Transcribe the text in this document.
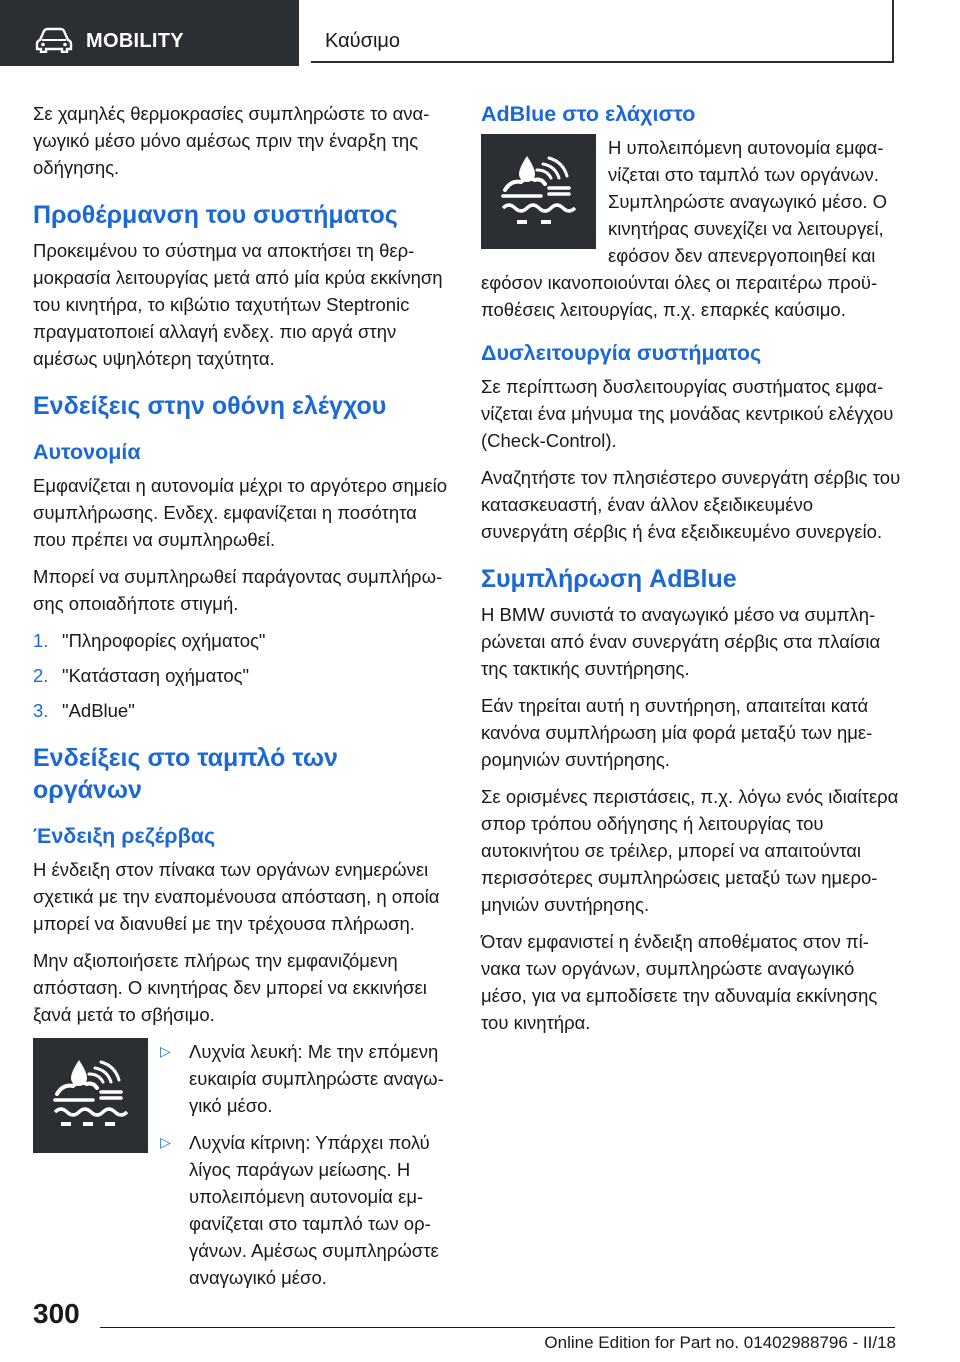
MOBILITY	Καύσιμο

Σε χαμηλές θερμοκρασίες συμπληρώστε το αναγωγικό μέσο μόνο αμέσως πριν την έναρξη της οδήγησης.

Προθέρμανση του συστήματος

Προκειμένου το σύστημα να αποκτήσει τη θερμοκρασία λειτουργίας μετά από μία κρύα εκκίνηση του κινητήρα, το κιβώτιο ταχυτήτων Steptronic πραγματοποιεί αλλαγή ενδεχ. πιο αργά στην αμέσως υψηλότερη ταχύτητα.

Ενδείξεις στην οθόνη ελέγχου
Αυτονομία

Εμφανίζεται η αυτονομία μέχρι το αργότερο σημείο συμπλήρωσης. Ενδεχ. εμφανίζεται η ποσότητα που πρέπει να συμπληρωθεί.

Μπορεί να συμπληρωθεί παράγοντας συμπλήρωσης οποιαδήποτε στιγμή.

1. "Πληροφορίες οχήματος"
2. "Κατάσταση οχήματος"
3. "AdBlue"
Ενδείξεις στο ταμπλό των οργάνων
Ένδειξη ρεζέρβας

Η ένδειξη στον πίνακα των οργάνων ενημερώνει σχετικά με την εναπομένουσα απόσταση, η οποία μπορεί να διανυθεί με την τρέχουσα πλήρωση.

Μην αξιοποιήσετε πλήρως την εμφανιζόμενη απόσταση. Ο κινητήρας δεν μπορεί να εκκινήσει ξανά μετά το σβήσιμο.

▷ Λυχνία λευκή: Με την επόμενη ευκαιρία συμπληρώστε αναγωγικό μέσο.
▷ Λυχνία κίτρινη: Υπάρχει πολύ λίγος παράγων μείωσης. Η υπολειπόμενη αυτονομία εμφανίζεται στο ταμπλό των οργάνων. Αμέσως συμπληρώστε αναγωγικό μέσο.
AdBlue στο ελάχιστο
Η υπολειπόμενη αυτονομία εμφανίζεται στο ταμπλό των οργάνων. Συμπληρώστε αναγωγικό μέσο. Ο κινητήρας συνεχίζει να λειτουργεί, εφόσον δεν απενεργοποιηθεί και

εφόσον ικανοποιούνται όλες οι περαιτέρω προϋποθέσεις λειτουργίας, π.χ. επαρκές καύσιμο.

Δυσλειτουργία συστήματος

Σε περίπτωση δυσλειτουργίας συστήματος εμφανίζεται ένα μήνυμα της μονάδας κεντρικού ελέγχου (Check-Control).

Αναζητήστε τον πλησιέστερο συνεργάτη σέρβις του κατασκευαστή, έναν άλλον εξειδικευμένο συνεργάτη σέρβις ή ένα εξειδικευμένο συνεργείο.

Συμπλήρωση AdBlue

Η BMW συνιστά το αναγωγικό μέσο να συμπληρώνεται από έναν συνεργάτη σέρβις στα πλαίσια της τακτικής συντήρησης.

Εάν τηρείται αυτή η συντήρηση, απαιτείται κατά κανόνα συμπλήρωση μία φορά μεταξύ των ημερομηνιών συντήρησης.

Σε ορισμένες περιστάσεις, π.χ. λόγω ενός ιδιαίτερα σπορ τρόπου οδήγησης ή λειτουργίας του αυτοκινήτου σε τρέιλερ, μπορεί να απαιτούνται περισσότερες συμπληρώσεις μεταξύ των ημερομηνιών συντήρησης.

Όταν εμφανιστεί η ένδειξη αποθέματος στον πίνακα των οργάνων, συμπληρώστε αναγωγικό μέσο, για να εμποδίσετε την αδυναμία εκκίνησης του κινητήρα.

300
Online Edition for Part no. 01402988796 - II/18
